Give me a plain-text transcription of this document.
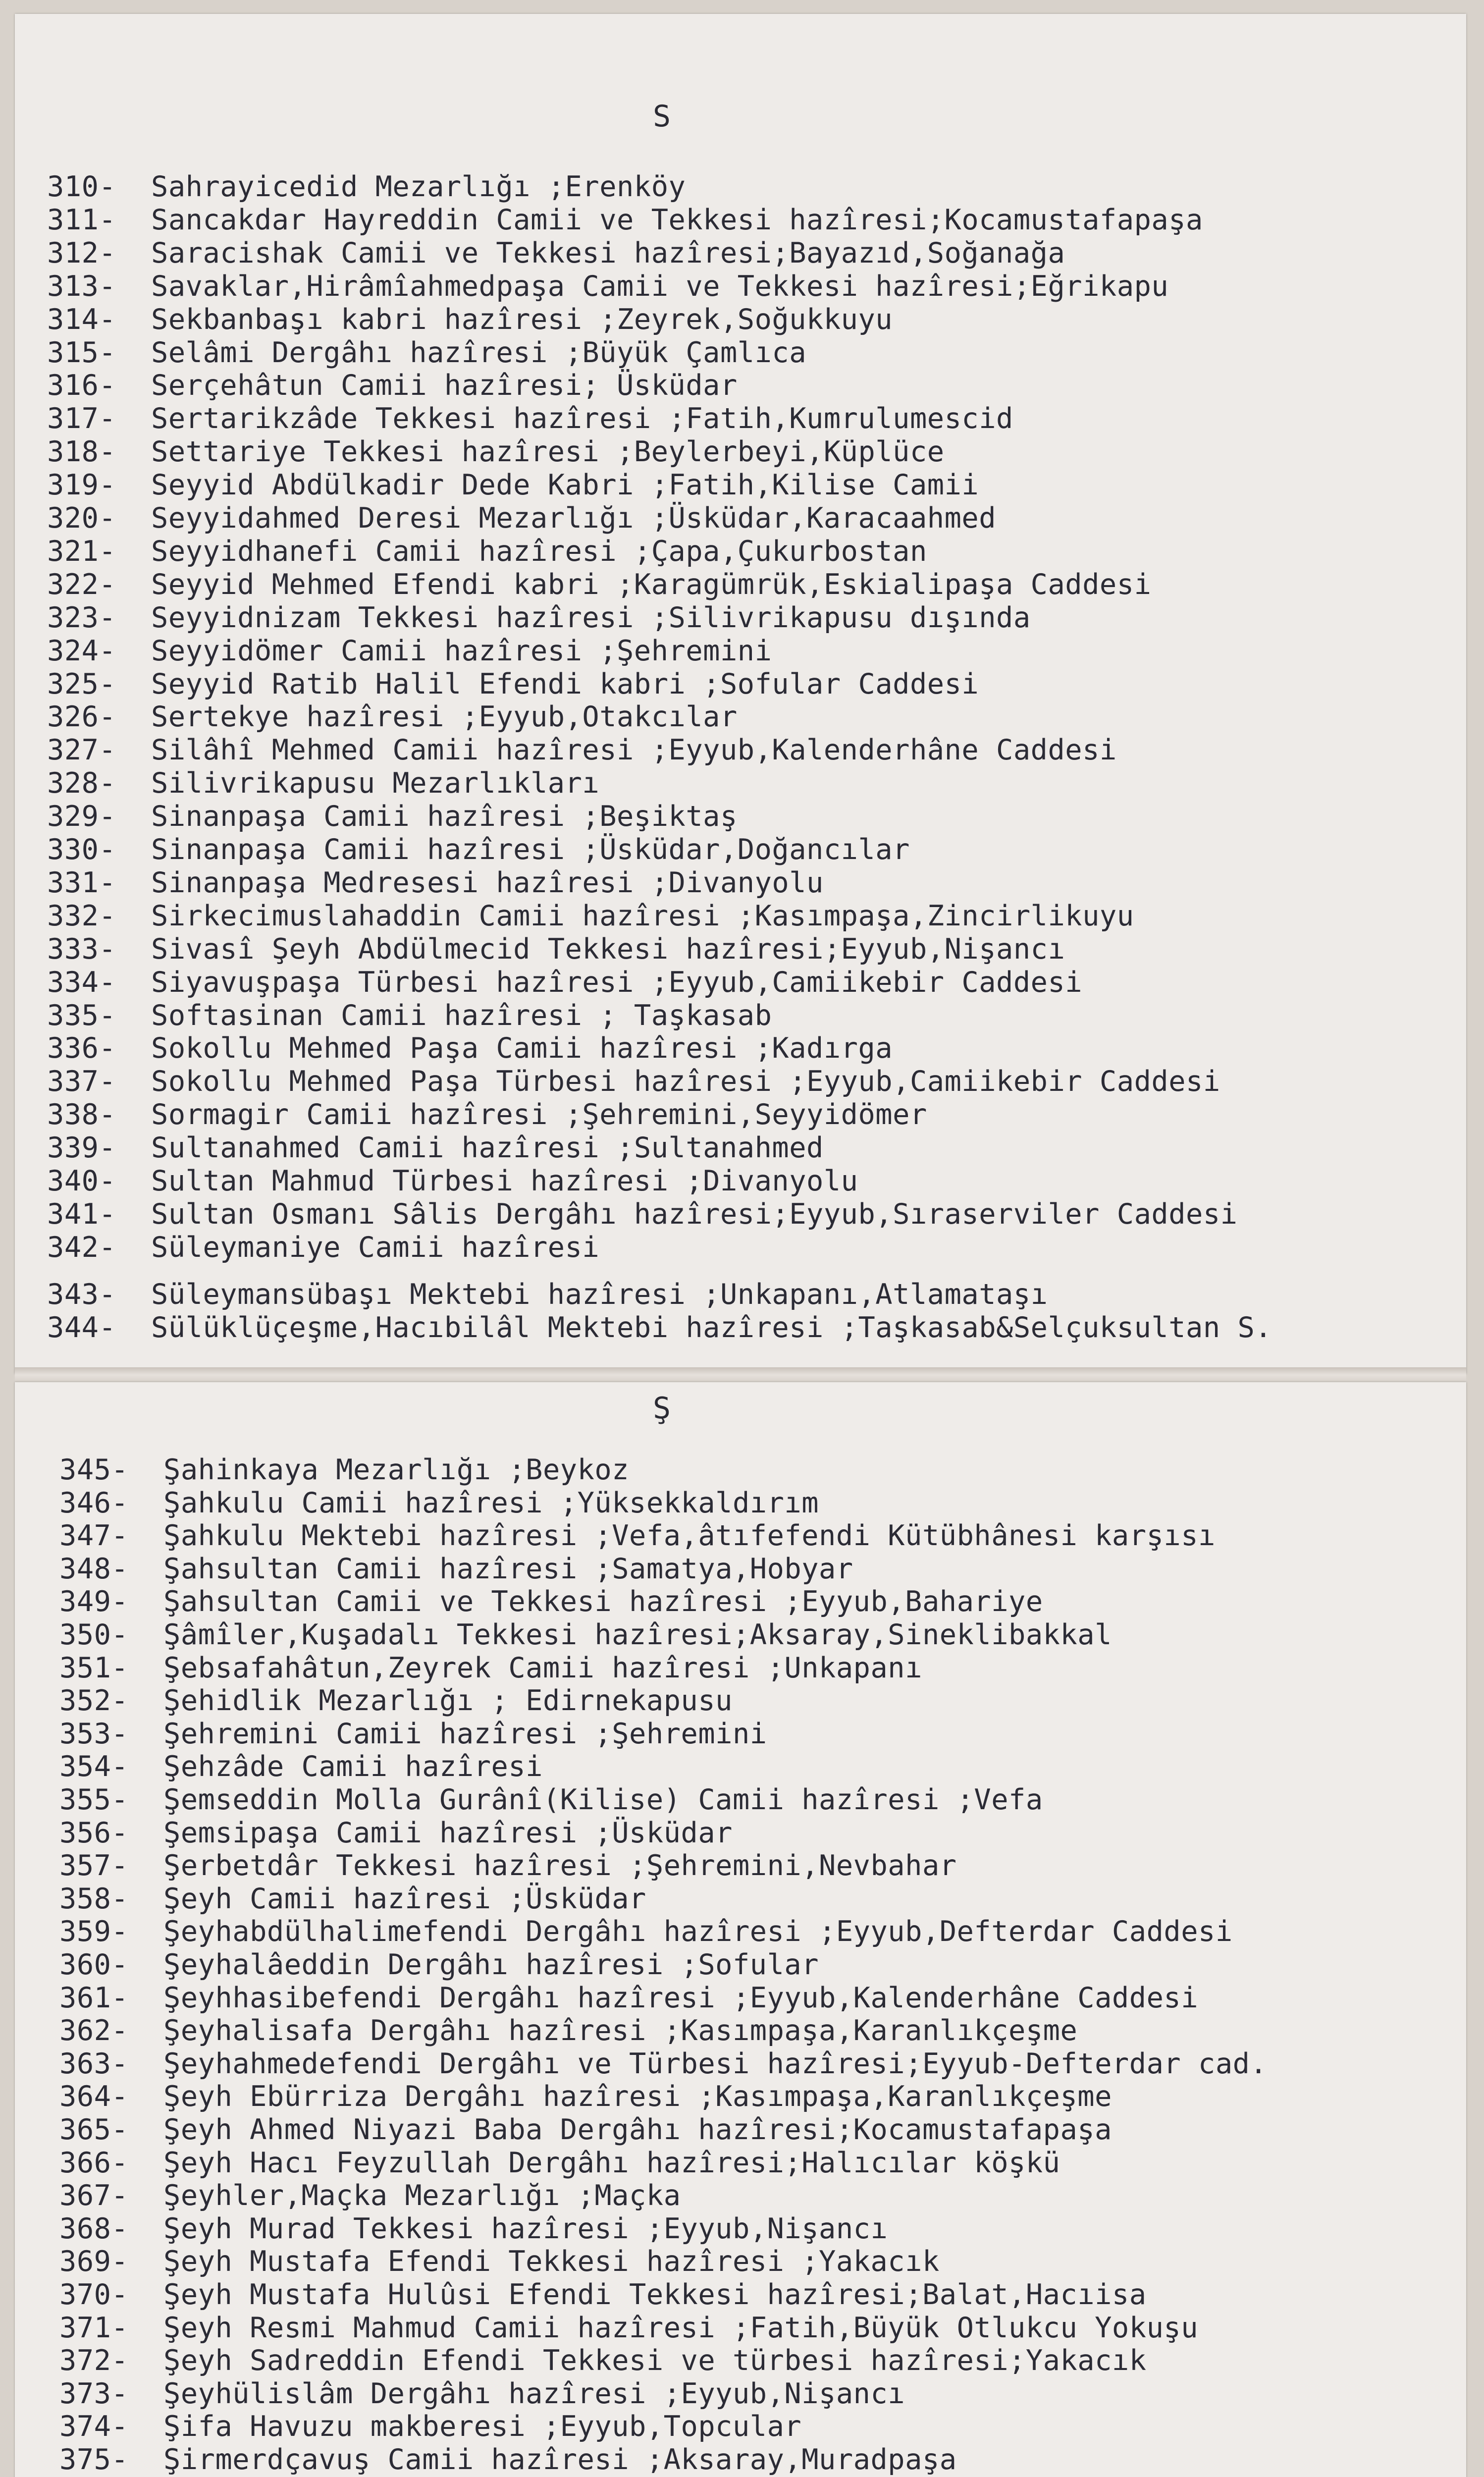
S
Ş
310- Sahrayicedid Mezarlığı ;Erenköy
311- Sancakdar Hayreddin Camii ve Tekkesi hazîresi;Kocamustafapaşa
312- Saracishak Camii ve Tekkesi hazîresi;Bayazıd,Soğanağa
313- Savaklar,Hirâmîahmedpaşa Camii ve Tekkesi hazîresi;Eğrikapu
314- Sekbanbaşı kabri hazîresi ;Zeyrek,Soğukkuyu
315- Selâmi Dergâhı hazîresi ;Büyük Çamlıca
316- Serçehâtun Camii hazîresi; Üsküdar
317- Sertarikzâde Tekkesi hazîresi ;Fatih,Kumrulumescid
318- Settariye Tekkesi hazîresi ;Beylerbeyi,Küplüce
319- Seyyid Abdülkadir Dede Kabri ;Fatih,Kilise Camii
320- Seyyidahmed Deresi Mezarlığı ;Üsküdar,Karacaahmed
321- Seyyidhanefi Camii hazîresi ;Çapa,Çukurbostan
322- Seyyid Mehmed Efendi kabri ;Karagümrük,Eskialipaşa Caddesi
323- Seyyidnizam Tekkesi hazîresi ;Silivrikapusu dışında
324- Seyyidömer Camii hazîresi ;Şehremini
325- Seyyid Ratib Halil Efendi kabri ;Sofular Caddesi
326- Sertekye hazîresi ;Eyyub,Otakcılar
327- Silâhî Mehmed Camii hazîresi ;Eyyub,Kalenderhâne Caddesi
328- Silivrikapusu Mezarlıkları
329- Sinanpaşa Camii hazîresi ;Beşiktaş
330- Sinanpaşa Camii hazîresi ;Üsküdar,Doğancılar
331- Sinanpaşa Medresesi hazîresi ;Divanyolu
332- Sirkecimuslahaddin Camii hazîresi ;Kasımpaşa,Zincirlikuyu
333- Sivasî Şeyh Abdülmecid Tekkesi hazîresi;Eyyub,Nişancı
334- Siyavuşpaşa Türbesi hazîresi ;Eyyub,Camiikebir Caddesi
335- Softasinan Camii hazîresi ; Taşkasab
336- Sokollu Mehmed Paşa Camii hazîresi ;Kadırga
337- Sokollu Mehmed Paşa Türbesi hazîresi ;Eyyub,Camiikebir Caddesi
338- Sormagir Camii hazîresi ;Şehremini,Seyyidömer
339- Sultanahmed Camii hazîresi ;Sultanahmed
340- Sultan Mahmud Türbesi hazîresi ;Divanyolu
341- Sultan Osmanı Sâlis Dergâhı hazîresi;Eyyub,Sıraserviler Caddesi
342- Süleymaniye Camii hazîresi
343- Süleymansübaşı Mektebi hazîresi ;Unkapanı,Atlamataşı
344- Sülüklüçeşme,Hacıbilâl Mektebi hazîresi ;Taşkasab&Selçuksultan S.
345- Şahinkaya Mezarlığı ;Beykoz
346- Şahkulu Camii hazîresi ;Yüksekkaldırım
347- Şahkulu Mektebi hazîresi ;Vefa,âtıfefendi Kütübhânesi karşısı
348- Şahsultan Camii hazîresi ;Samatya,Hobyar
349- Şahsultan Camii ve Tekkesi hazîresi ;Eyyub,Bahariye
350- Şâmîler,Kuşadalı Tekkesi hazîresi;Aksaray,Sineklibakkal
351- Şebsafahâtun,Zeyrek Camii hazîresi ;Unkapanı
352- Şehidlik Mezarlığı ; Edirnekapusu
353- Şehremini Camii hazîresi ;Şehremini
354- Şehzâde Camii hazîresi
355- Şemseddin Molla Gurânî(Kilise) Camii hazîresi ;Vefa
356- Şemsipaşa Camii hazîresi ;Üsküdar
357- Şerbetdâr Tekkesi hazîresi ;Şehremini,Nevbahar
358- Şeyh Camii hazîresi ;Üsküdar
359- Şeyhabdülhalimefendi Dergâhı hazîresi ;Eyyub,Defterdar Caddesi
360- Şeyhalâeddin Dergâhı hazîresi ;Sofular
361- Şeyhhasibefendi Dergâhı hazîresi ;Eyyub,Kalenderhâne Caddesi
362- Şeyhalisafa Dergâhı hazîresi ;Kasımpaşa,Karanlıkçeşme
363- Şeyhahmedefendi Dergâhı ve Türbesi hazîresi;Eyyub-Defterdar cad.
364- Şeyh Ebürriza Dergâhı hazîresi ;Kasımpaşa,Karanlıkçeşme
365- Şeyh Ahmed Niyazi Baba Dergâhı hazîresi;Kocamustafapaşa
366- Şeyh Hacı Feyzullah Dergâhı hazîresi;Halıcılar köşkü
367- Şeyhler,Maçka Mezarlığı ;Maçka
368- Şeyh Murad Tekkesi hazîresi ;Eyyub,Nişancı
369- Şeyh Mustafa Efendi Tekkesi hazîresi ;Yakacık
370- Şeyh Mustafa Hulûsi Efendi Tekkesi hazîresi;Balat,Hacıisa
371- Şeyh Resmi Mahmud Camii hazîresi ;Fatih,Büyük Otlukcu Yokuşu
372- Şeyh Sadreddin Efendi Tekkesi ve türbesi hazîresi;Yakacık
373- Şeyhülislâm Dergâhı hazîresi ;Eyyub,Nişancı
374- Şifa Havuzu makberesi ;Eyyub,Topcular
375- Şirmerdçavuş Camii hazîresi ;Aksaray,Muradpaşa
